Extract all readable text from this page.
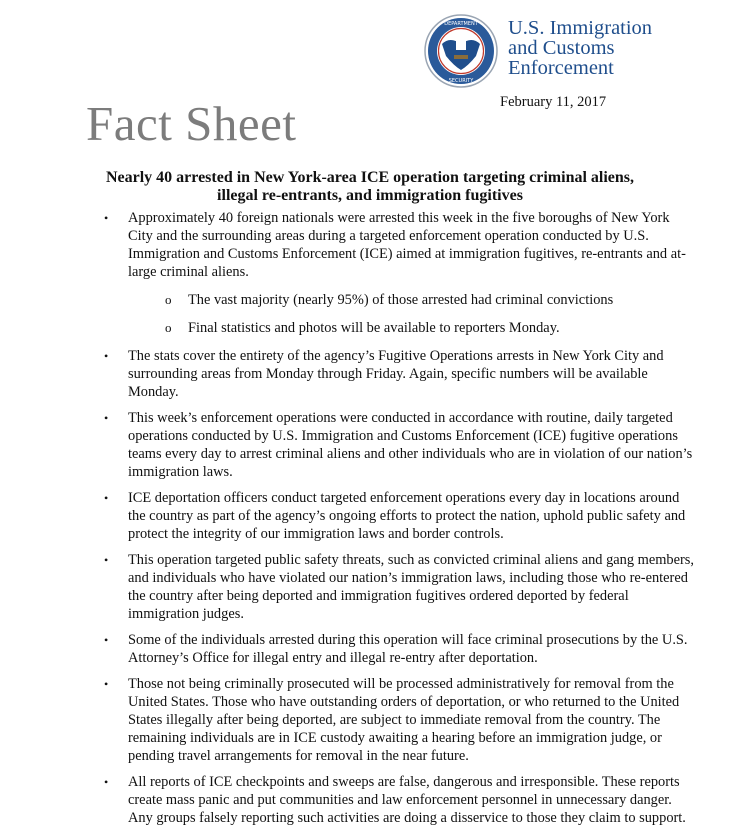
DEPARTMENT
SECURITY
U.S. Immigration
and Customs
Enforcement
February 11, 2017
Fact Sheet
Nearly 40 arrested in New York-area ICE operation targeting criminal aliens,
illegal re-entrants, and immigration fugitives
• Approximately 40 foreign nationals were arrested this week in the five boroughs of New York City and the surrounding areas during a targeted enforcement operation conducted by U.S. Immigration and Customs Enforcement (ICE) aimed at immigration fugitives, re-entrants and at-large criminal aliens.
o The vast majority (nearly 95%) of those arrested had criminal convictions
o Final statistics and photos will be available to reporters Monday.
• The stats cover the entirety of the agency’s Fugitive Operations arrests in New York City and surrounding areas from Monday through Friday. Again, specific numbers will be available Monday.
• This week’s enforcement operations were conducted in accordance with routine, daily targeted operations conducted by U.S. Immigration and Customs Enforcement (ICE) fugitive operations teams every day to arrest criminal aliens and other individuals who are in violation of our nation’s immigration laws.
• ICE deportation officers conduct targeted enforcement operations every day in locations around the country as part of the agency’s ongoing efforts to protect the nation, uphold public safety and protect the integrity of our immigration laws and border controls.
• This operation targeted public safety threats, such as convicted criminal aliens and gang members, and individuals who have violated our nation’s immigration laws, including those who re-entered the country after being deported and immigration fugitives ordered deported by federal immigration judges.
• Some of the individuals arrested during this operation will face criminal prosecutions by the U.S. Attorney’s Office for illegal entry and illegal re-entry after deportation.
• Those not being criminally prosecuted will be processed administratively for removal from the United States. Those who have outstanding orders of deportation, or who returned to the United States illegally after being deported, are subject to immediate removal from the country. The remaining individuals are in ICE custody awaiting a hearing before an immigration judge, or pending travel arrangements for removal in the near future.
• All reports of ICE checkpoints and sweeps are false, dangerous and irresponsible. These reports create mass panic and put communities and law enforcement personnel in unnecessary danger. Any groups falsely reporting such activities are doing a disservice to those they claim to support.
